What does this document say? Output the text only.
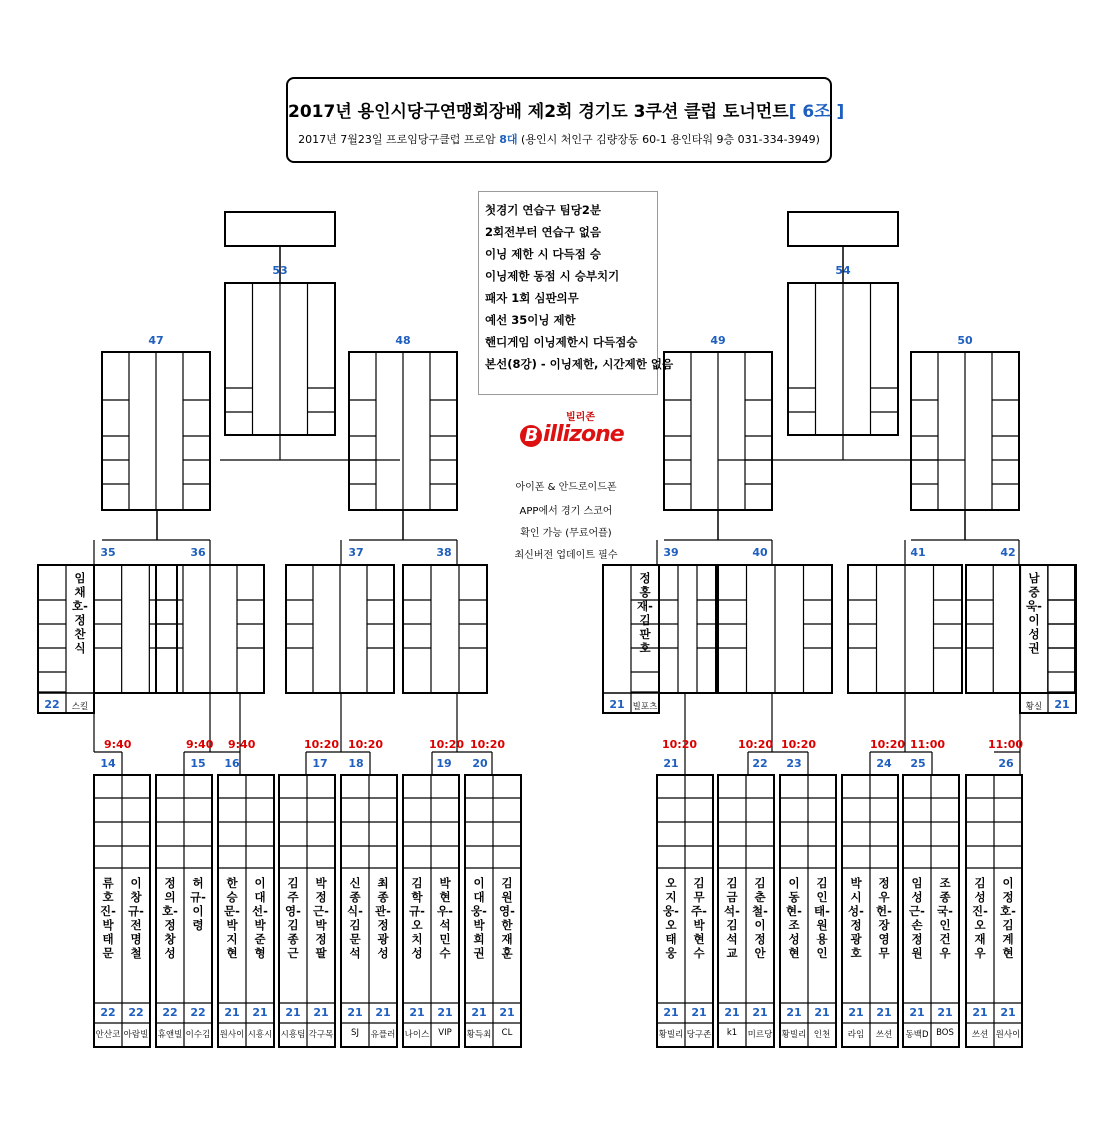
2017년 용인시당구연맹회장배 제2회 경기도 3쿠션 클럽 토너먼트[ 6조 ]
2017년 7월23일 프로임당구클럽 프로암 8대 (용인시 처인구 김량장동 60-1 용인타워 9층 031-334-3949)
첫경기 연습구 팀당2분
2회전부터 연습구 없음
이닝 제한 시 다득점 승
이닝제한 동점 시 승부치기
패자 1회 심판의무
예선 35이닝 제한
핸디게임 이닝제한시 다득점승
본선(8강) - 이닝제한, 시간제한 없음
빌리존
B illizone
아이폰 & 안드로이드폰
APP에서 경기 스코어
확인 가능 (무료어플)
최신버전 업데이트 필수
53	54
47	48	49	50
35	36	37	38	39	40	41	42
임채호-정찬식
22	스킬
정홍재-김판호
21 빌포츠
남중욱-이성권
21
황실
9:40	9:40 9:40	10:20 10:20	10:20 10:20	10:20	10:20 10:20	10:20 11:00	11:00
14
류호진-박태문
22
안산코
이창규-전명철
22
아람빌
15
정의호-정창성
22
휴앤빌
허규-이령
22
이수김
16
한승문-박지현
21
원사이
이대선-박준형
21
시흥시
17
김주영-김종근
21
시흥팀
박정근-박정팔
21
각구목
18
신종식-김문석
21
SJ
최종관-정광성
21
유플러
19
김학규-오치성
21
나이스
박현우-석민수
21
VIP
20
이대웅-박희권
21
황득최
김원영-한재훈
21
CL
21
오지웅-오태웅
21
황빌리
김무주-박현수
21
당구존
22
김금석-김석교
21
k1
김춘철-이정안
21
미르당
23
이동현-조성현
21
황빌리
김인태-원용인
21
인천
24
박시성-정광호
21
라임
정우헌-장영무
21
쓰션
25
임성근-손정원
21
동백D
조종국-인건우
21
BOS
26
김성진-오재우
21
쓰션
이정호-김계현
21
원사이
